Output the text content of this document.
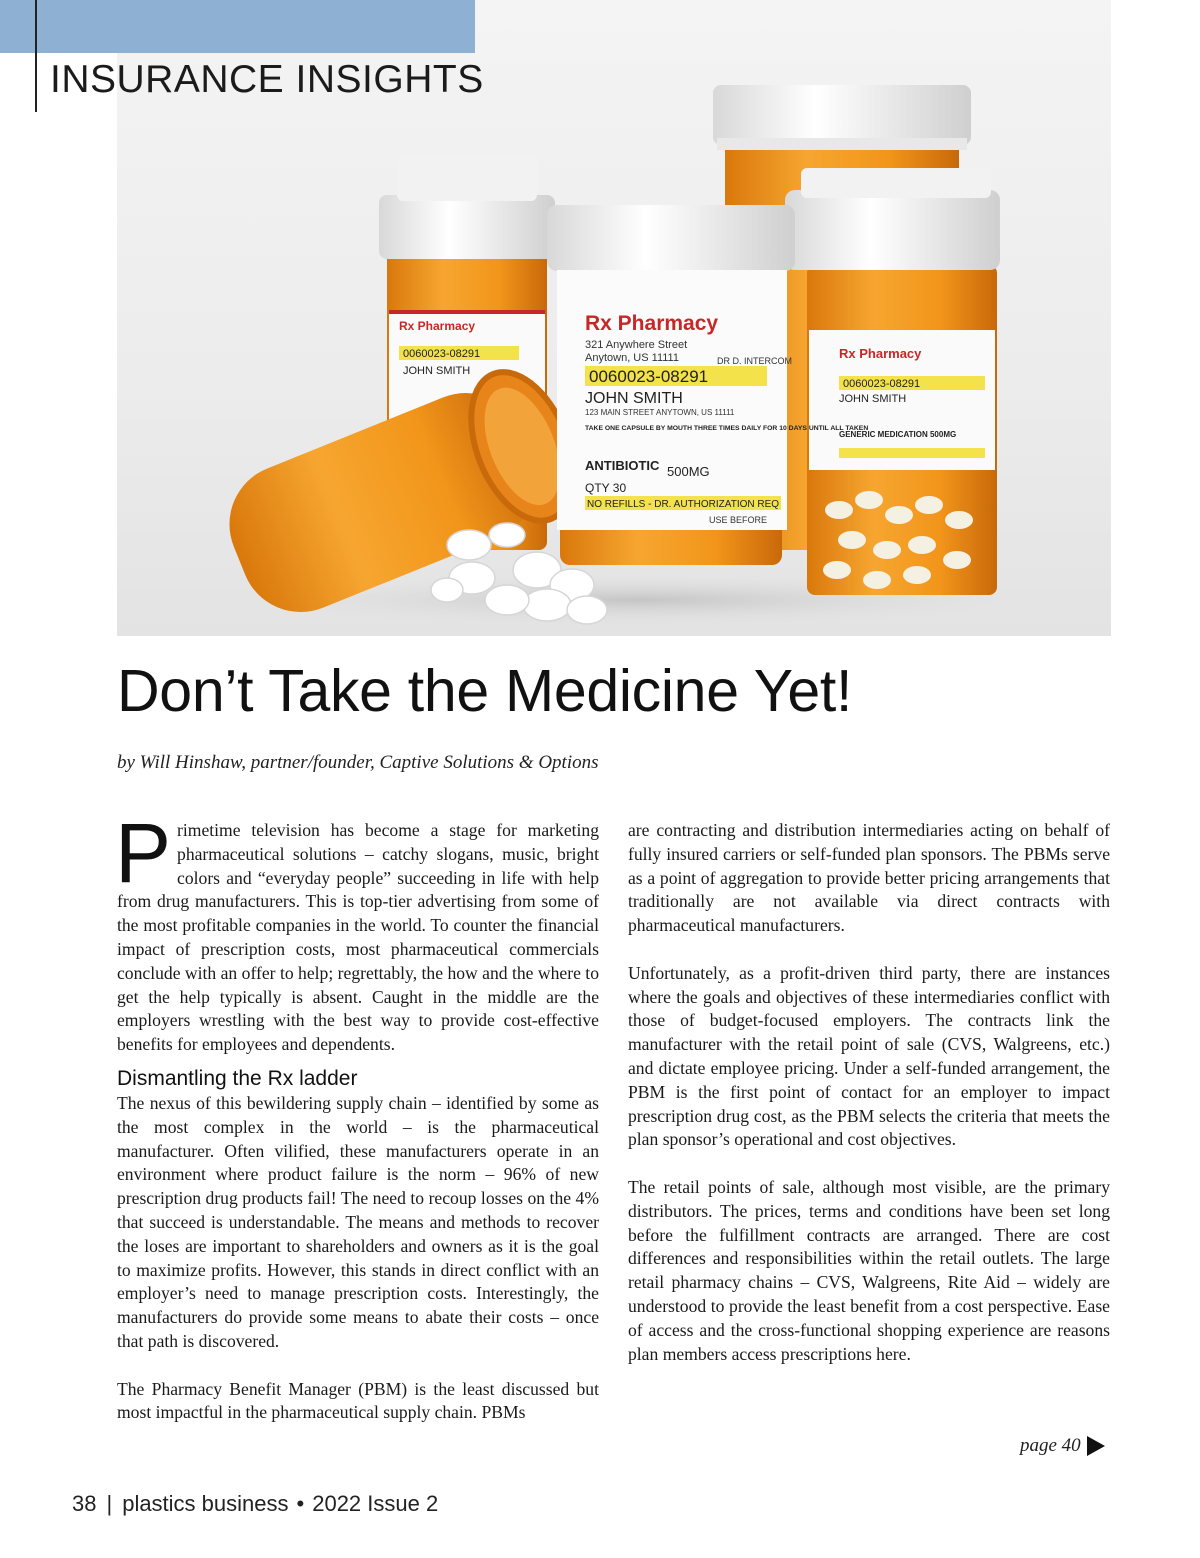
Rx Pharmacy
0060023-08291
JOHN SMITH
Rx Pharmacy
0060023-08291
JOHN SMITH
GENERIC MEDICATION 500MG
Rx Pharmacy
321 Anywhere Street
Anytown, US 11111	DR D. INTERCOM
0060023-08291
JOHN SMITH
123 MAIN STREET ANYTOWN, US 11111
TAKE ONE CAPSULE BY MOUTH THREE TIMES DAILY FOR 10 DAYS UNTIL ALL TAKEN
ANTIBIOTIC 500MG
QTY 30
NO REFILLS - DR. AUTHORIZATION REQ
USE BEFORE
INSURANCE INSIGHTS
Don’t Take the Medicine Yet!
by Will Hinshaw, partner/founder, Captive Solutions & Options

Primetime television has become a stage for marketing pharmaceutical solutions – catchy slogans, music, bright colors and “everyday people” succeeding in life with help from drug manufacturers. This is top-tier advertising from some of the most profitable companies in the world. To counter the financial impact of prescription costs, most pharmaceutical commercials conclude with an offer to help; regrettably, the how and the where to get the help typically is absent. Caught in the middle are the employers wrestling with the best way to provide cost-effective benefits for employees and dependents.

Dismantling the Rx ladder

The nexus of this bewildering supply chain – identified by some as the most complex in the world – is the pharmaceutical manufacturer. Often vilified, these manufacturers operate in an environment where product failure is the norm – 96% of new prescription drug products fail! The need to recoup losses on the 4% that succeed is understandable. The means and methods to recover the loses are important to shareholders and owners as it is the goal to maximize profits. However, this stands in direct conflict with an employer’s need to manage prescription costs. Interestingly, the manufacturers do provide some means to abate their costs – once that path is discovered.

The Pharmacy Benefit Manager (PBM) is the least discussed but most impactful in the pharmaceutical supply chain. PBMs

are contracting and distribution intermediaries acting on behalf of fully insured carriers or self-funded plan sponsors. The PBMs serve as a point of aggregation to provide better pricing arrangements that traditionally are not available via direct contracts with pharmaceutical manufacturers.

Unfortunately, as a profit-driven third party, there are instances where the goals and objectives of these intermediaries conflict with those of budget-focused employers. The contracts link the manufacturer with the retail point of sale (CVS, Walgreens, etc.) and dictate employee pricing. Under a self-funded arrangement, the PBM is the first point of contact for an employer to impact prescription drug cost, as the PBM selects the criteria that meets the plan sponsor’s operational and cost objectives.

The retail points of sale, although most visible, are the primary distributors. The prices, terms and conditions have been set long before the fulfillment contracts are arranged. There are cost differences and responsibilities within the retail outlets. The large retail pharmacy chains – CVS, Walgreens, Rite Aid – widely are understood to provide the least benefit from a cost perspective. Ease of access and the cross-functional shopping experience are reasons plan members access prescriptions here.

page 40
38 | plastics business • 2022 Issue 2
